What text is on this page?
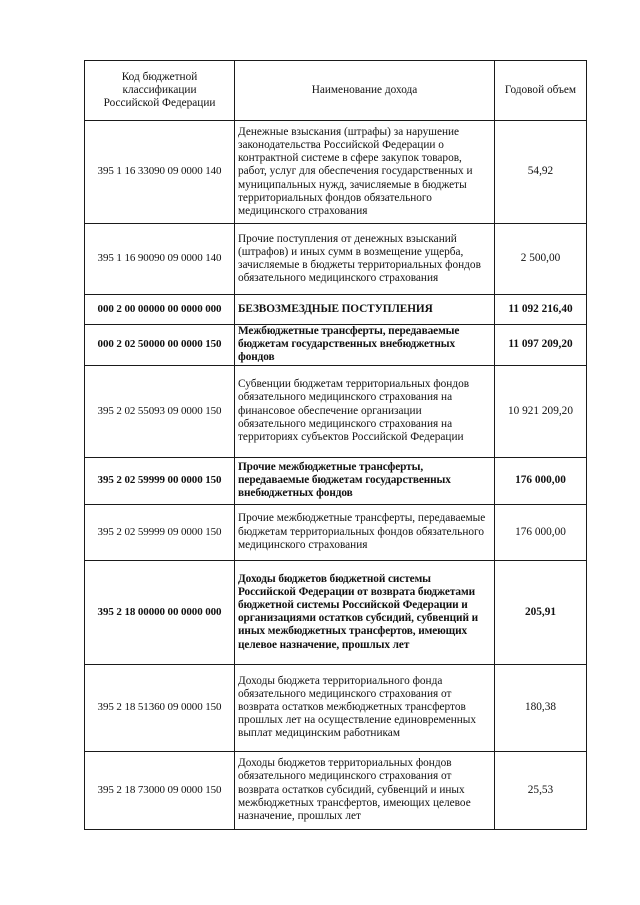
Код бюджетной классификации Российской Федерации	Наименование дохода	Годовой объем
395 1 16 33090 09 0000 140	Денежные взыскания (штрафы) за нарушение законодательства Российской Федерации о контрактной системе в сфере закупок товаров, работ, услуг для обеспечения государственных и муниципальных нужд, зачисляемые в бюджеты территориальных фондов обязательного медицинского страхования	54,92
395 1 16 90090 09 0000 140	Прочие поступления от денежных взысканий (штрафов) и иных сумм в возмещение ущерба, зачисляемые в бюджеты территориальных фондов обязательного медицинского страхования	2 500,00
000 2 00 00000 00 0000 000	БЕЗВОЗМЕЗДНЫЕ ПОСТУПЛЕНИЯ	11 092 216,40
000 2 02 50000 00 0000 150	Межбюджетные трансферты, передаваемые бюджетам государственных внебюджетных фондов	11 097 209,20
395 2 02 55093 09 0000 150	Субвенции бюджетам территориальных фондов обязательного медицинского страхования на финансовое обеспечение организации обязательного медицинского страхования на территориях субъектов Российской Федерации	10 921 209,20
395 2 02 59999 00 0000 150	Прочие межбюджетные трансферты, передаваемые бюджетам государственных внебюджетных фондов	176 000,00
395 2 02 59999 09 0000 150	Прочие межбюджетные трансферты, передаваемые бюджетам территориальных фондов обязательного медицинского страхования	176 000,00
395 2 18 00000 00 0000 000	Доходы бюджетов бюджетной системы Российской Федерации от возврата бюджетами бюджетной системы Российской Федерации и организациями остатков субсидий, субвенций и иных межбюджетных трансфертов, имеющих целевое назначение, прошлых лет	205,91
395 2 18 51360 09 0000 150	Доходы бюджета территориального фонда обязательного медицинского страхования от возврата остатков межбюджетных трансфертов прошлых лет на осуществление единовременных выплат медицинским работникам	180,38
395 2 18 73000 09 0000 150	Доходы бюджетов территориальных фондов обязательного медицинского страхования от возврата остатков субсидий, субвенций и иных межбюджетных трансфертов, имеющих целевое назначение, прошлых лет	25,53
